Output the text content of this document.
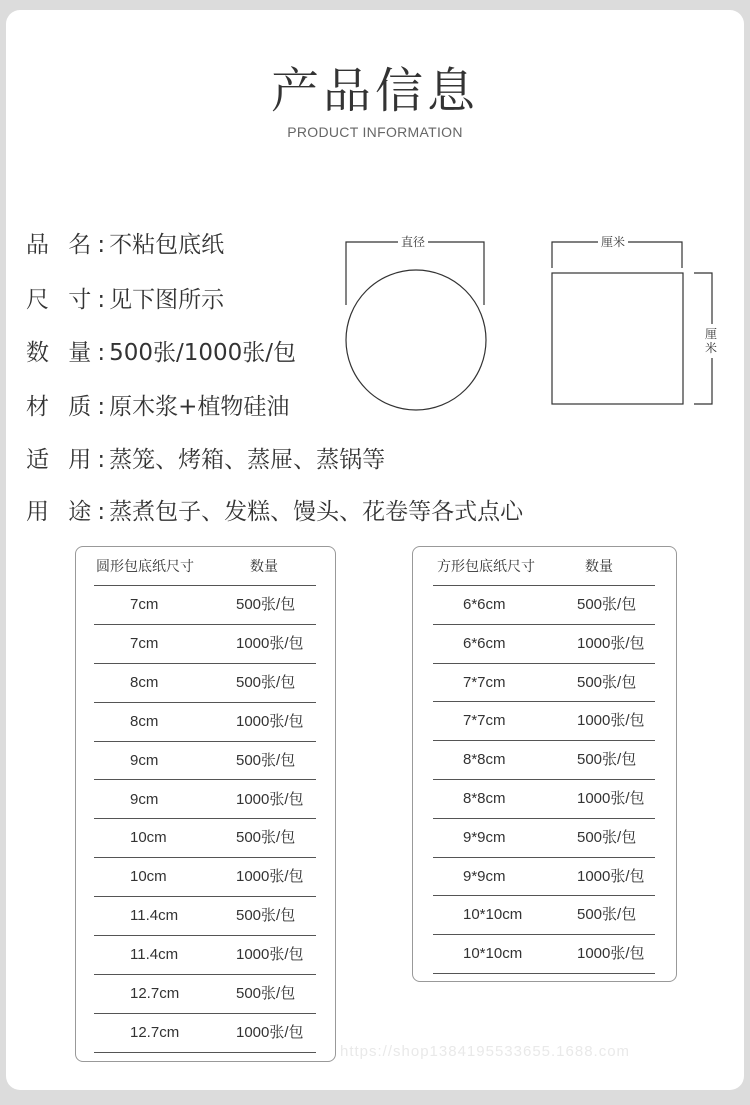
产品信息
PRODUCT INFORMATION
品 名: 不粘包底纸
尺 寸: 见下图所示
数 量: 500张/1000张/包
材 质: 原木浆+植物硅油
适 用: 蒸笼、烤箱、蒸屉、蒸锅等
用 途: 蒸煮包子、发糕、馒头、花卷等各式点心
直径	厘米
厘米
圆形包底纸尺寸	数量
7cm	500张/包
7cm	1000张/包
8cm	500张/包
8cm	1000张/包
9cm	500张/包
9cm	1000张/包
10cm	500张/包
10cm	1000张/包
11.4cm	500张/包
11.4cm	1000张/包
12.7cm	500张/包
12.7cm	1000张/包
方形包底纸尺寸	数量
6*6cm	500张/包
6*6cm	1000张/包
7*7cm	500张/包
7*7cm	1000张/包
8*8cm	500张/包
8*8cm	1000张/包
9*9cm	500张/包
9*9cm	1000张/包
10*10cm	500张/包
10*10cm	1000张/包
https://shop1384195533655.1688.com
